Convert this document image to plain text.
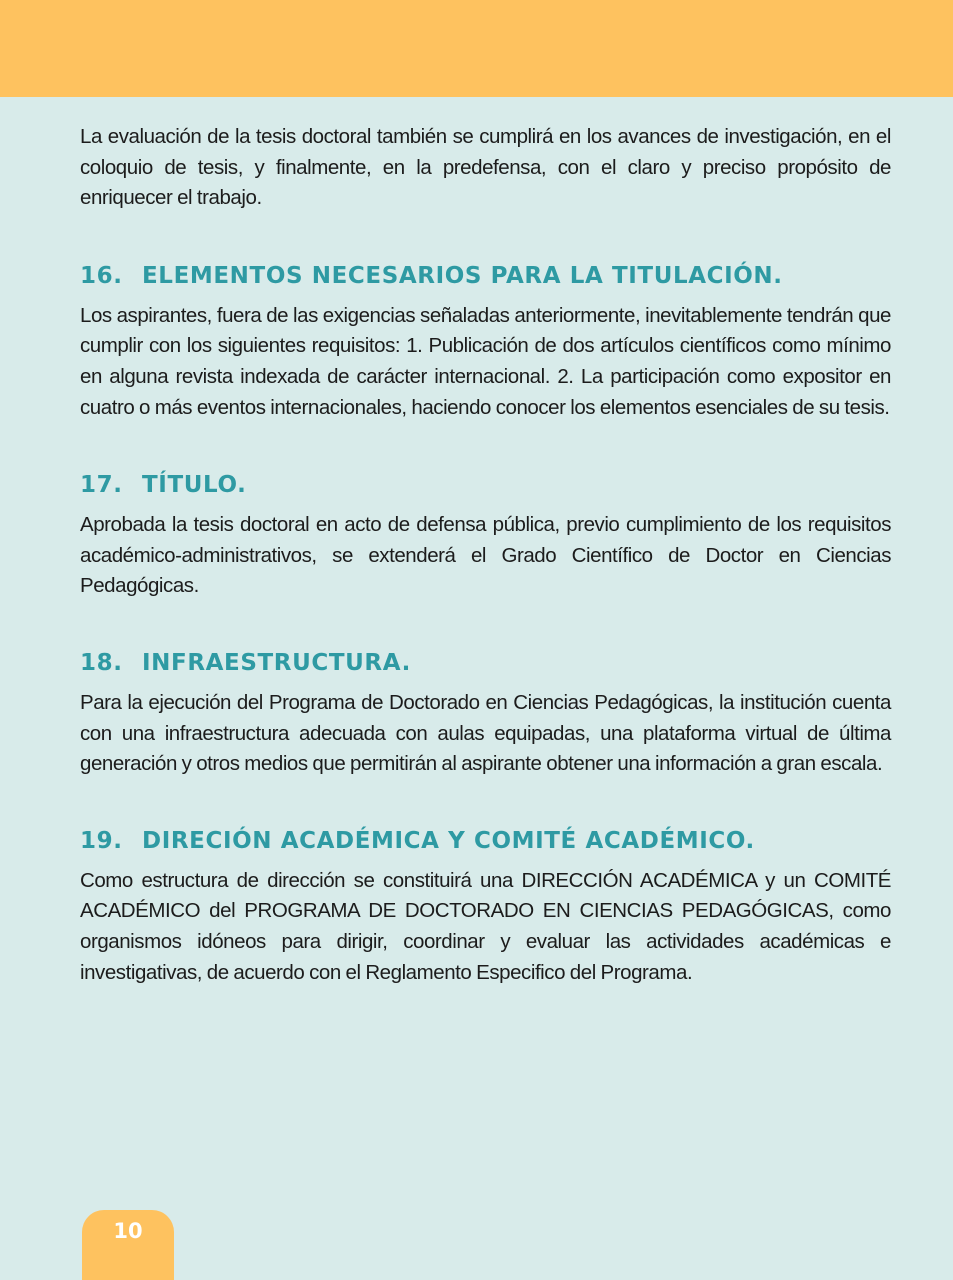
La evaluación de la tesis doctoral también se cumplirá en los avances de investigación, en el coloquio de tesis, y finalmente, en la predefensa, con el claro y preciso propósito de enriquecer el trabajo.

16. ELEMENTOS NECESARIOS PARA LA TITULACIÓN.

Los aspirantes, fuera de las exigencias señaladas anteriormente, inevitablemente tendrán que cumplir con los siguientes requisitos: 1. Publicación de dos artículos científicos como mínimo en alguna revista indexada de carácter internacional. 2. La participación como expositor en cuatro o más eventos internacionales, haciendo conocer los elementos esenciales de su tesis.

17. TÍTULO.

Aprobada la tesis doctoral en acto de defensa pública, previo cumplimiento de los requisitos académico-administrativos, se extenderá el Grado Científico de Doctor en Ciencias Pedagógicas.

18. INFRAESTRUCTURA.

Para la ejecución del Programa de Doctorado en Ciencias Pedagógicas, la institución cuenta con una infraestructura adecuada con aulas equipadas, una plataforma virtual de última generación y otros medios que permitirán al aspirante obtener una información a gran escala.

19. DIRECIÓN ACADÉMICA Y COMITÉ ACADÉMICO.

Como estructura de dirección se constituirá una DIRECCIÓN ACADÉMICA y un COMITÉ ACADÉMICO del PROGRAMA DE DOCTORADO EN CIENCIAS PEDAGÓGICAS, como organismos idóneos para dirigir, coordinar y evaluar las actividades académicas e investigativas, de acuerdo con el Reglamento Especifico del Programa.

10
